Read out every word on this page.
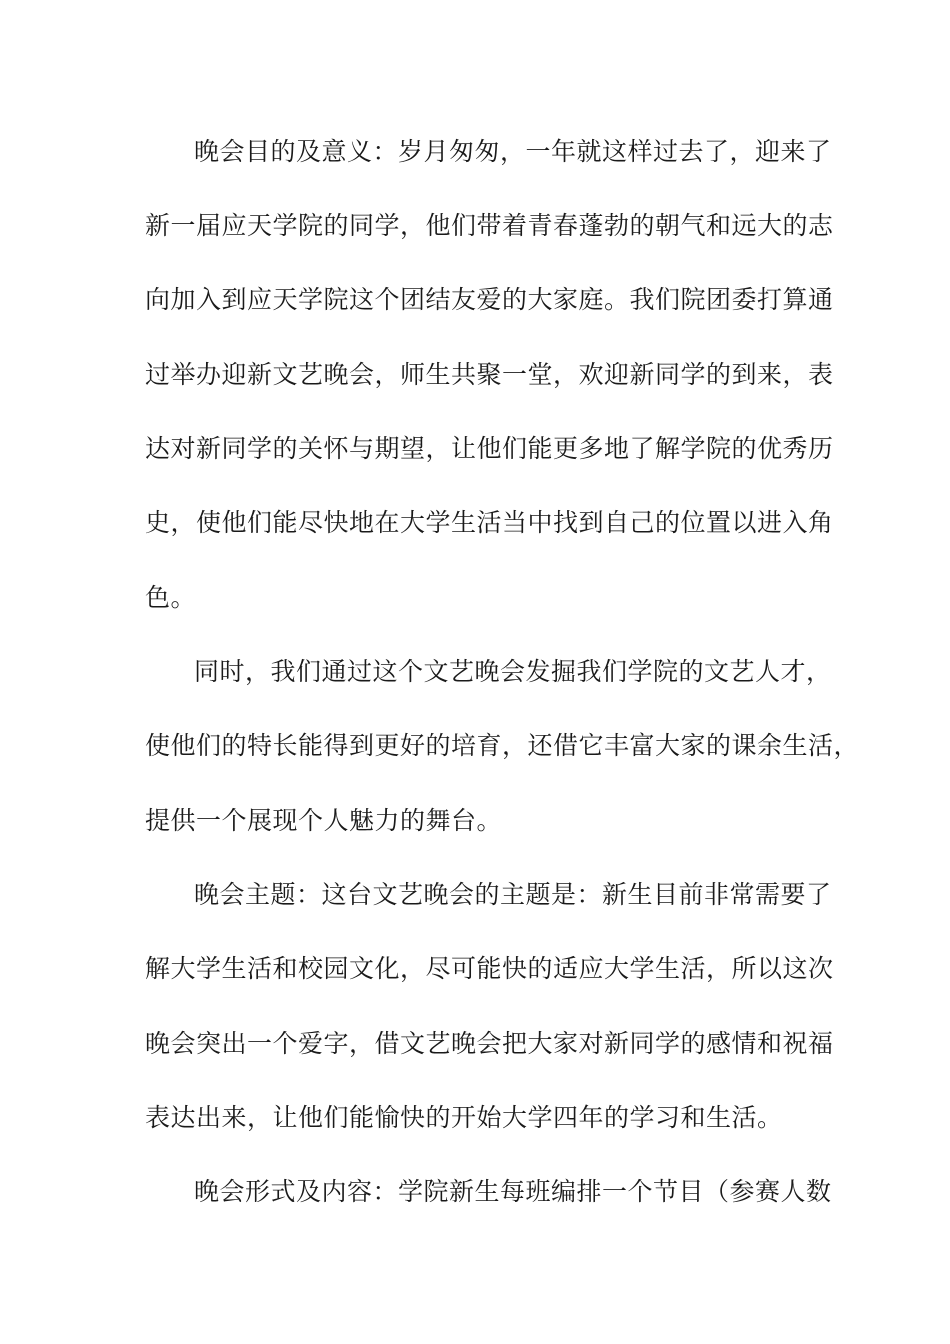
晚会目的及意义：岁月匆匆，一年就这样过去了，迎来了
新一届应天学院的同学，他们带着青春蓬勃的朝气和远大的志
向加入到应天学院这个团结友爱的大家庭。我们院团委打算通
过举办迎新文艺晚会，师生共聚一堂，欢迎新同学的到来，表
达对新同学的关怀与期望，让他们能更多地了解学院的优秀历
史，使他们能尽快地在大学生活当中找到自己的位置以进入角
色。
同时，我们通过这个文艺晚会发掘我们学院的文艺人才，
使他们的特长能得到更好的培育，还借它丰富大家的课余生活，
提供一个展现个人魅力的舞台。
晚会主题：这台文艺晚会的主题是：新生目前非常需要了
解大学生活和校园文化，尽可能快的适应大学生活，所以这次
晚会突出一个爱字，借文艺晚会把大家对新同学的感情和祝福
表达出来，让他们能愉快的开始大学四年的学习和生活。
晚会形式及内容：学院新生每班编排一个节目（参赛人数
